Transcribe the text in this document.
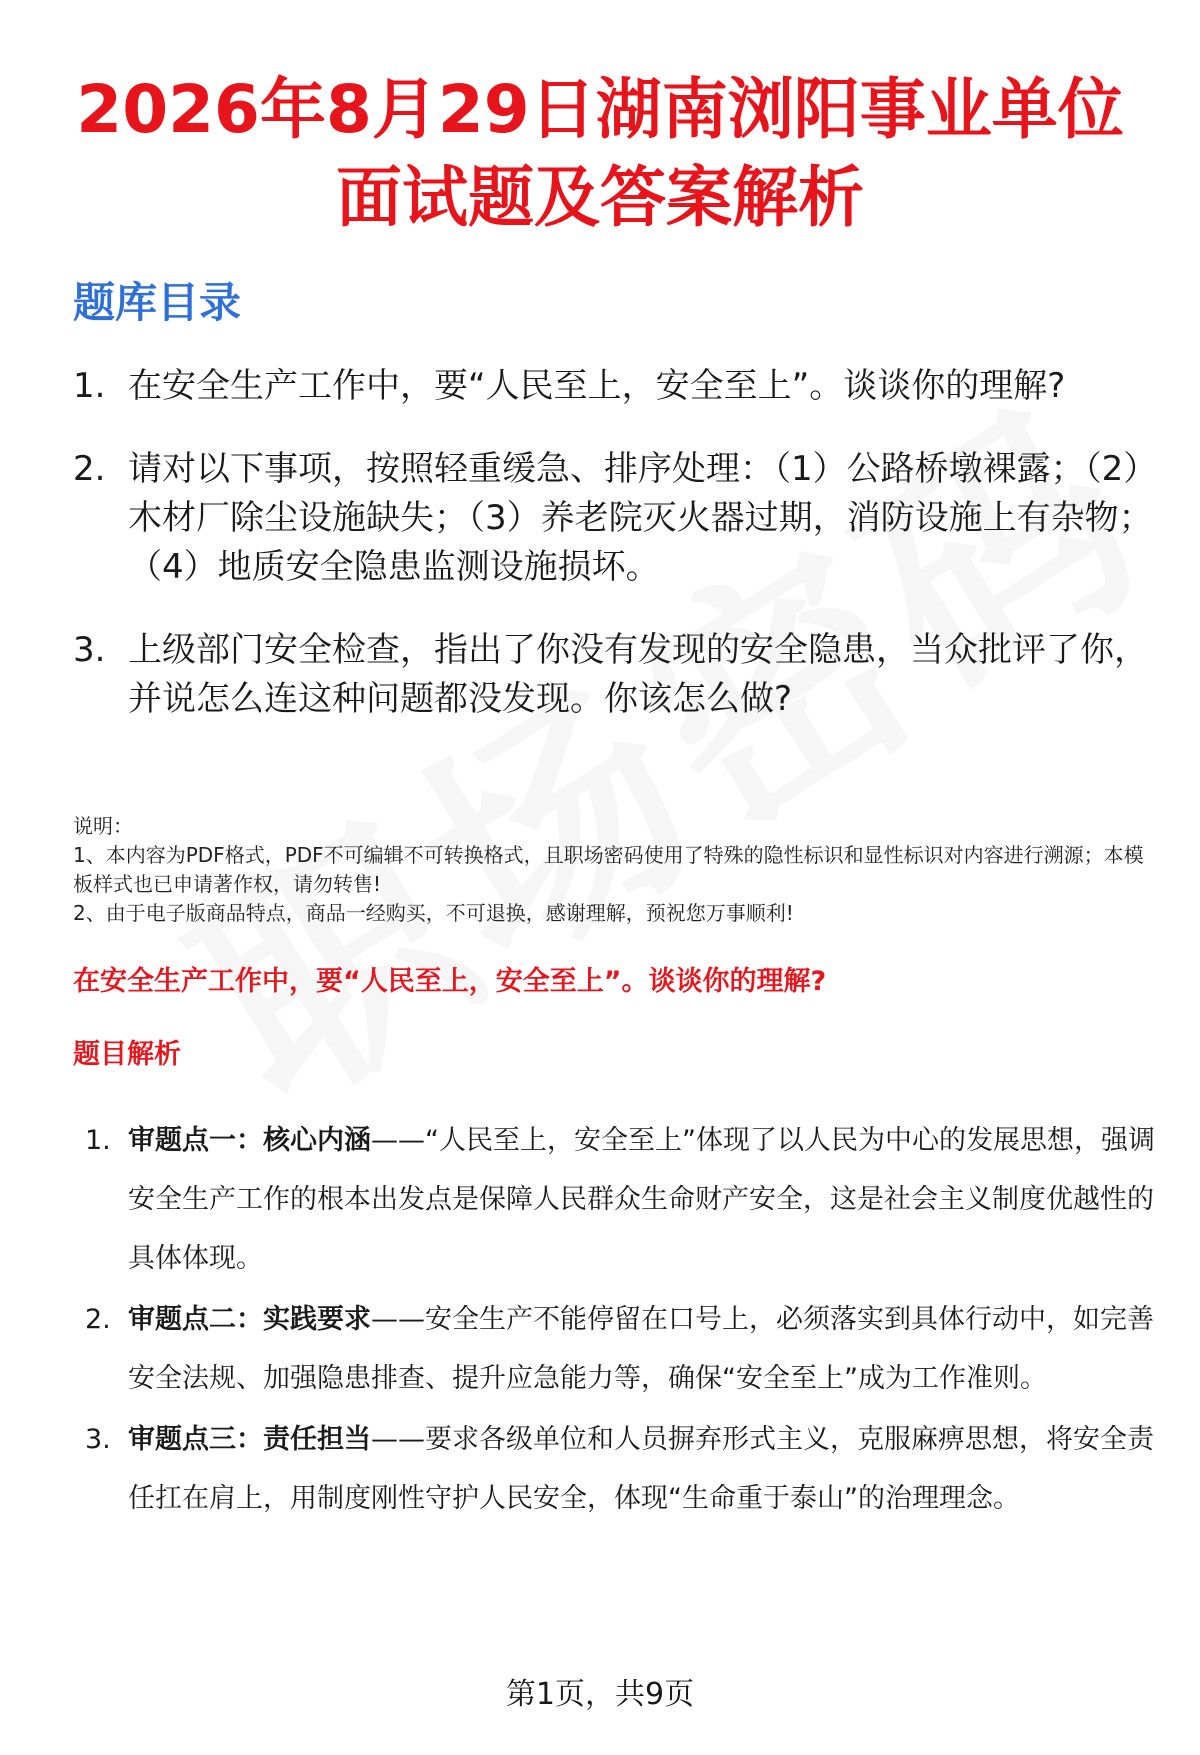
2026年8月29日湖南浏阳事业单位
面试题及答案解析
题库目录
1. 在安全生产工作中，要“人民至上，安全至上”。谈谈你的理解?
2. 请对以下事项，按照轻重缓急、排序处理：（1）公路桥墩裸露；（2）木材厂除尘设施缺失；（3）养老院灭火器过期，消防设施上有杂物；（4）地质安全隐患监测设施损坏。
3. 上级部门安全检查，指出了你没有发现的安全隐患，当众批评了你，并说怎么连这种问题都没发现。你该怎么做?

说明：

1、本内容为PDF格式，PDF不可编辑不可转换格式，且职场密码使用了特殊的隐性标识和显性标识对内容进行溯源；本模板样式也已申请著作权，请勿转售!

2、由于电子版商品特点，商品一经购买，不可退换，感谢理解，预祝您万事顺利!

在安全生产工作中，要“人民至上，安全至上”。谈谈你的理解?
题目解析
1. 审题点一：核心内涵——“人民至上，安全至上”体现了以人民为中心的发展思想，强调安全生产工作的根本出发点是保障人民群众生命财产安全，这是社会主义制度优越性的具体体现。
2. 审题点二：实践要求——安全生产不能停留在口号上，必须落实到具体行动中，如完善安全法规、加强隐患排查、提升应急能力等，确保“安全至上”成为工作准则。
3. 审题点三：责任担当——要求各级单位和人员摒弃形式主义，克服麻痹思想，将安全责任扛在肩上，用制度刚性守护人民安全，体现“生命重于泰山”的治理理念。
第1页，共9页
